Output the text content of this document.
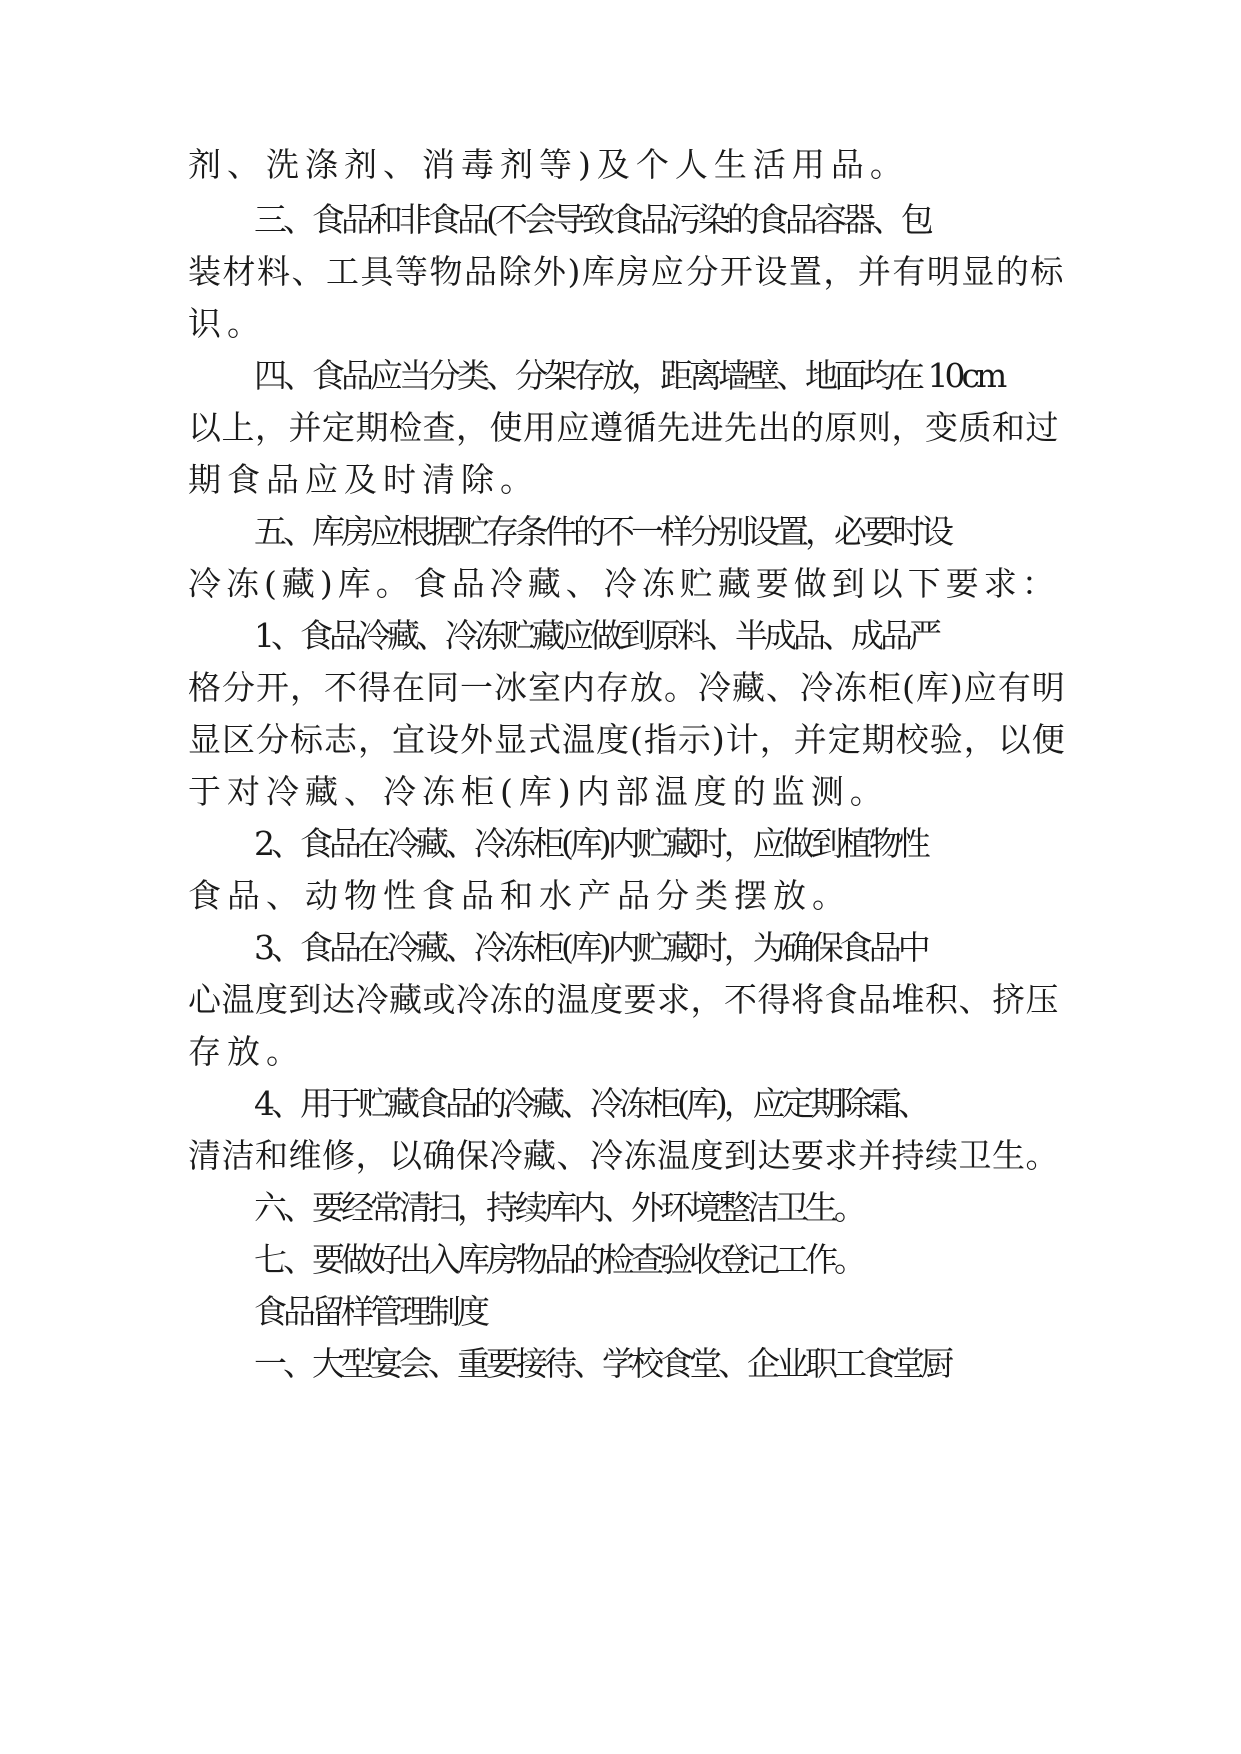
剂、洗涤剂、消毒剂等)及个人生活用品。
三、食品和非食品(不会导致食品污染的食品容器、包
装材料、工具等物品除外)库房应分开设置，并有明显的标
识。
四、食品应当分类、分架存放，距离墙壁、地面均在 10cm
以上，并定期检查，使用应遵循先进先出的原则，变质和过
期食品应及时清除。
五、库房应根据贮存条件的不一样分别设置，必要时设
冷冻(藏)库。食品冷藏、冷冻贮藏要做到以下要求：
1、食品冷藏、冷冻贮藏应做到原料、半成品、成品严
格分开，不得在同一冰室内存放。冷藏、冷冻柜(库)应有明
显区分标志，宜设外显式温度(指示)计，并定期校验，以便
于对冷藏、冷冻柜(库)内部温度的监测。
2、食品在冷藏、冷冻柜(库)内贮藏时，应做到植物性
食品、动物性食品和水产品分类摆放。
3、食品在冷藏、冷冻柜(库)内贮藏时，为确保食品中
心温度到达冷藏或冷冻的温度要求，不得将食品堆积、挤压
存放。
4、用于贮藏食品的冷藏、冷冻柜(库)，应定期除霜、
清洁和维修，以确保冷藏、冷冻温度到达要求并持续卫生。
六、要经常清扫，持续库内、外环境整洁卫生。
七、要做好出入库房物品的检查验收登记工作。
食品留样管理制度
一、大型宴会、重要接待、学校食堂、企业职工食堂厨
